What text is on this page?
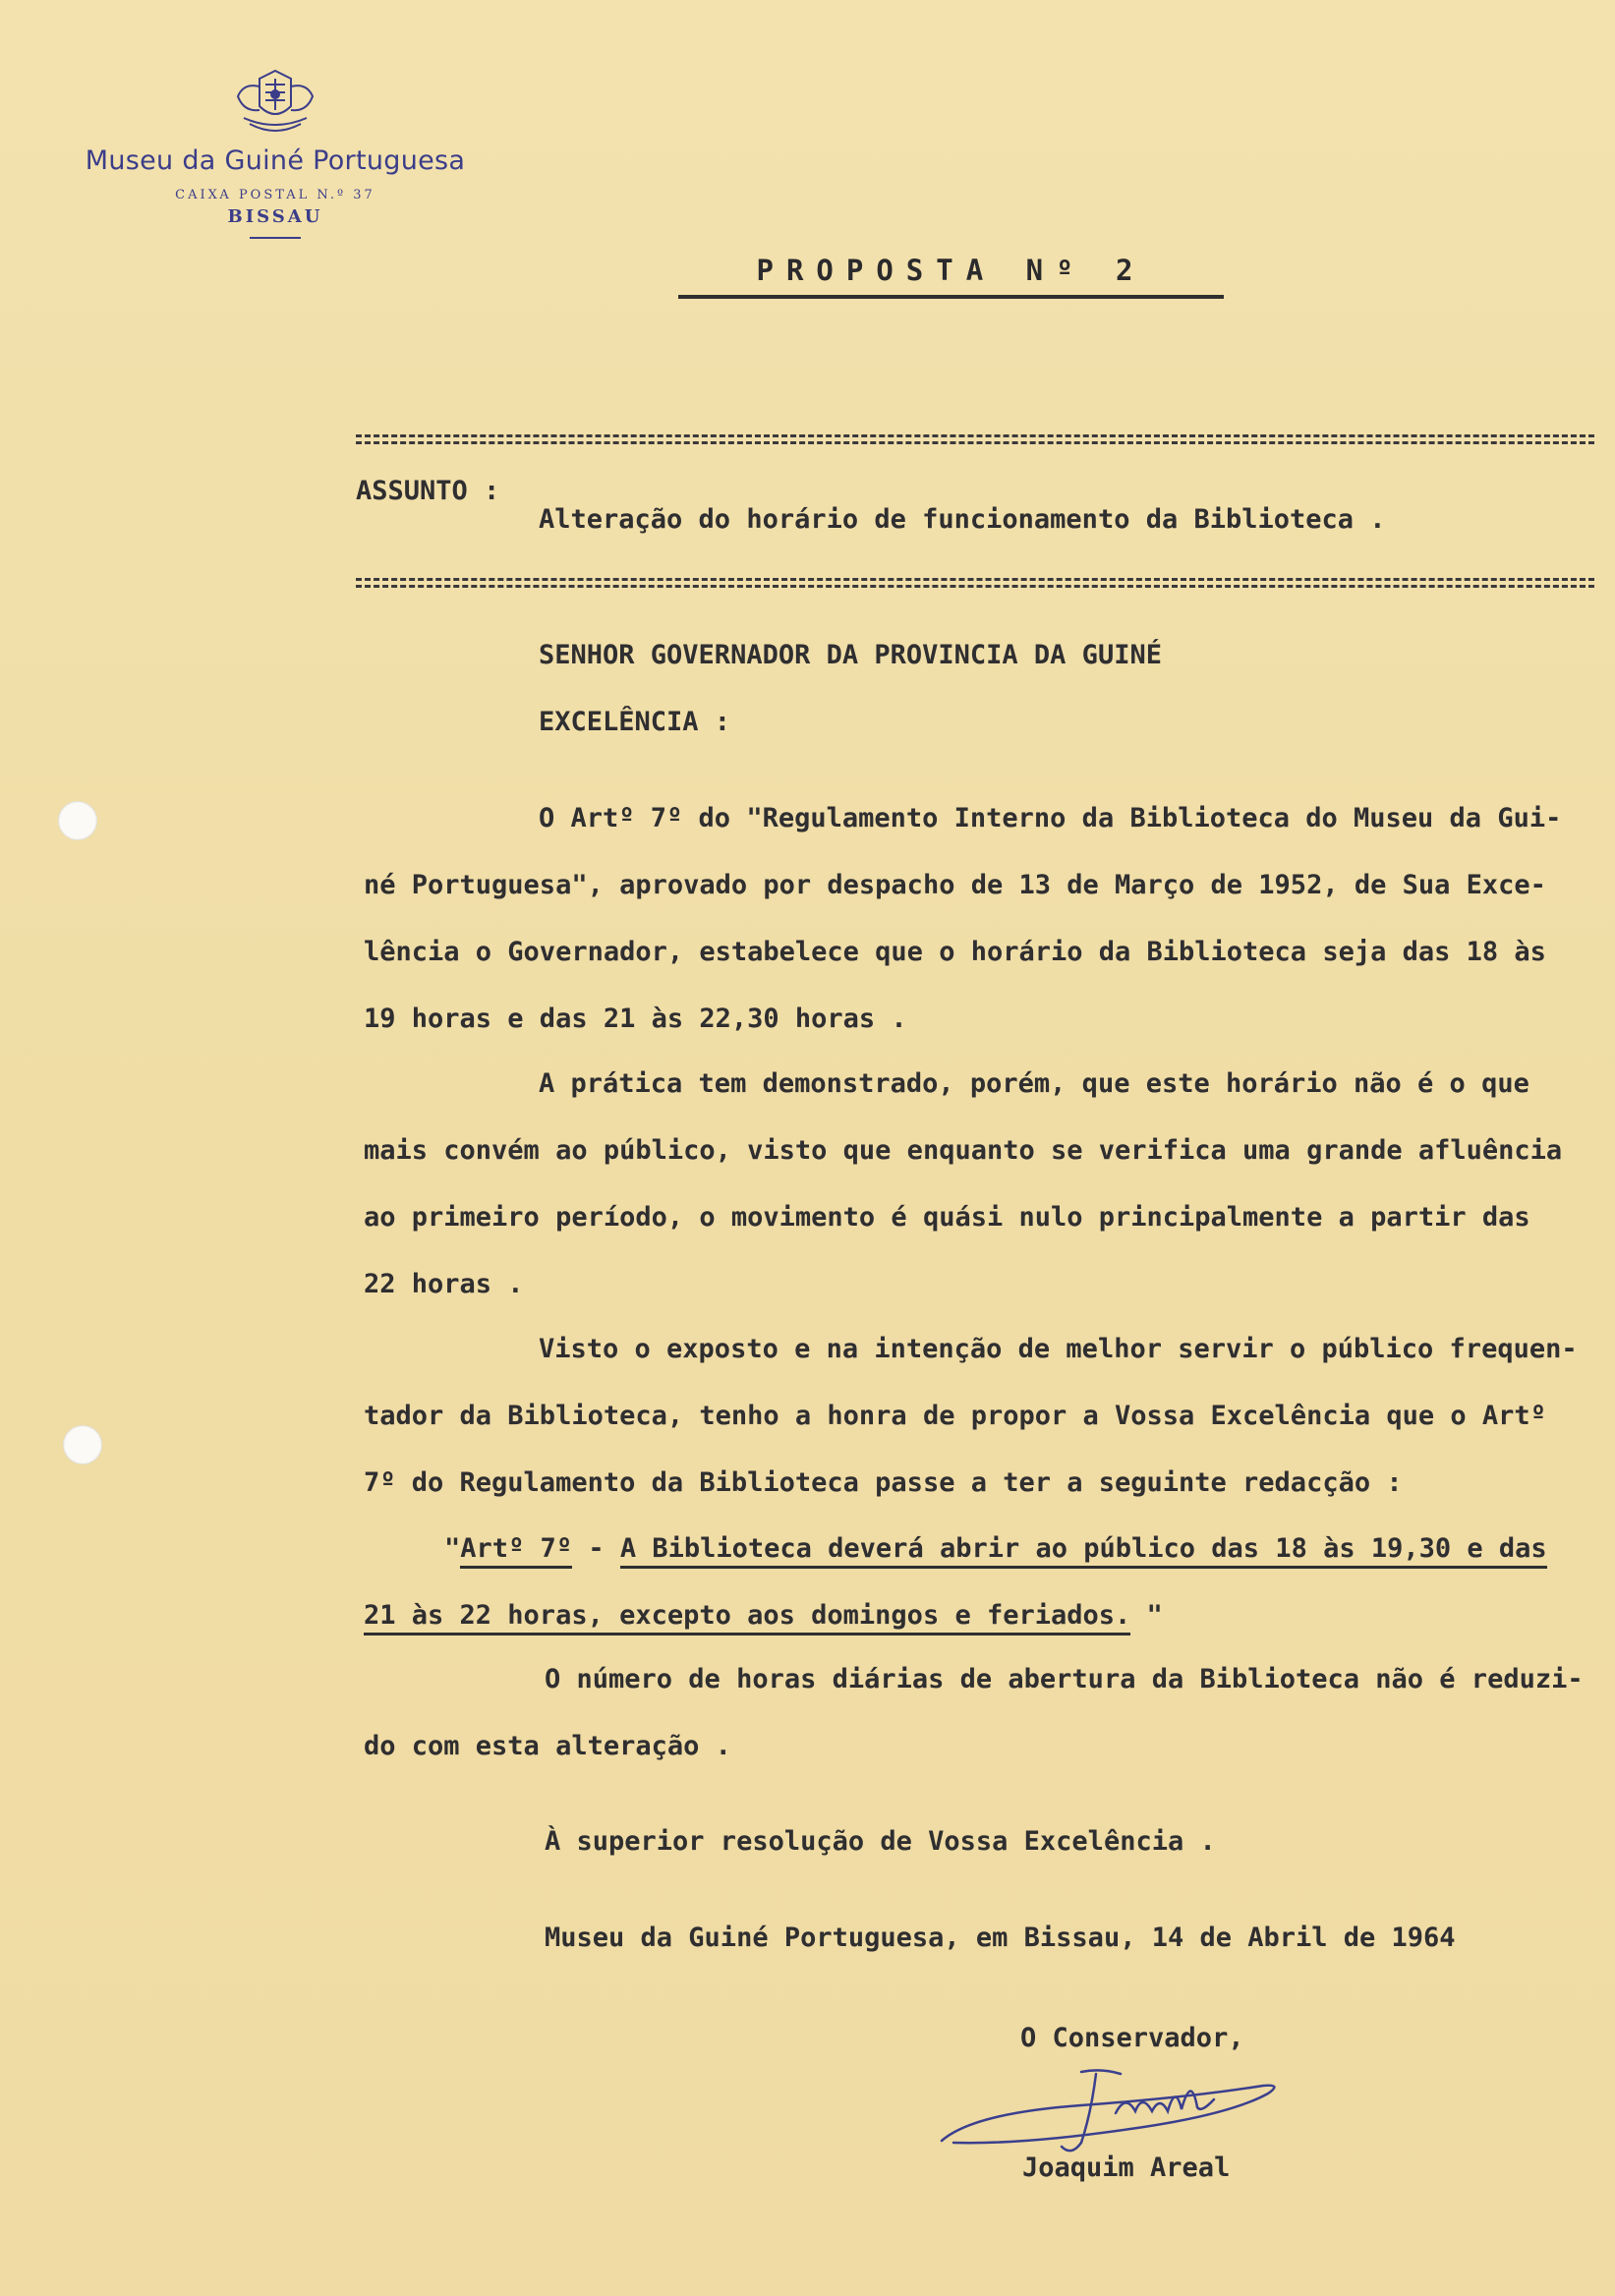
Museu da Guiné Portuguesa
CAIXA POSTAL N.º 37
BISSAU
PROPOSTA Nº 2
ASSUNTO :
Alteração do horário de funcionamento da Biblioteca .
SENHOR GOVERNADOR DA PROVINCIA DA GUINÉ
EXCELÊNCIA :
O Artº 7º do "Regulamento Interno da Biblioteca do Museu da Gui-
né Portuguesa", aprovado por despacho de 13 de Março de 1952, de Sua Exce-
lência o Governador, estabelece que o horário da Biblioteca seja das 18 às
19 horas e das 21 às 22,30 horas .
A prática tem demonstrado, porém, que este horário não é o que
mais convém ao público, visto que enquanto se verifica uma grande afluência
ao primeiro período, o movimento é quási nulo principalmente a partir das
22 horas .
Visto o exposto e na intenção de melhor servir o público frequen-
tador da Biblioteca, tenho a honra de propor a Vossa Excelência que o Artº
7º do Regulamento da Biblioteca passe a ter a seguinte redacção :
"Artº 7º - A Biblioteca deverá abrir ao público das 18 às 19,30 e das
21 às 22 horas, excepto aos domingos e feriados. "
O número de horas diárias de abertura da Biblioteca não é reduzi-
do com esta alteração .
À superior resolução de Vossa Excelência .
Museu da Guiné Portuguesa, em Bissau, 14 de Abril de 1964
O Conservador,
Joaquim Areal
